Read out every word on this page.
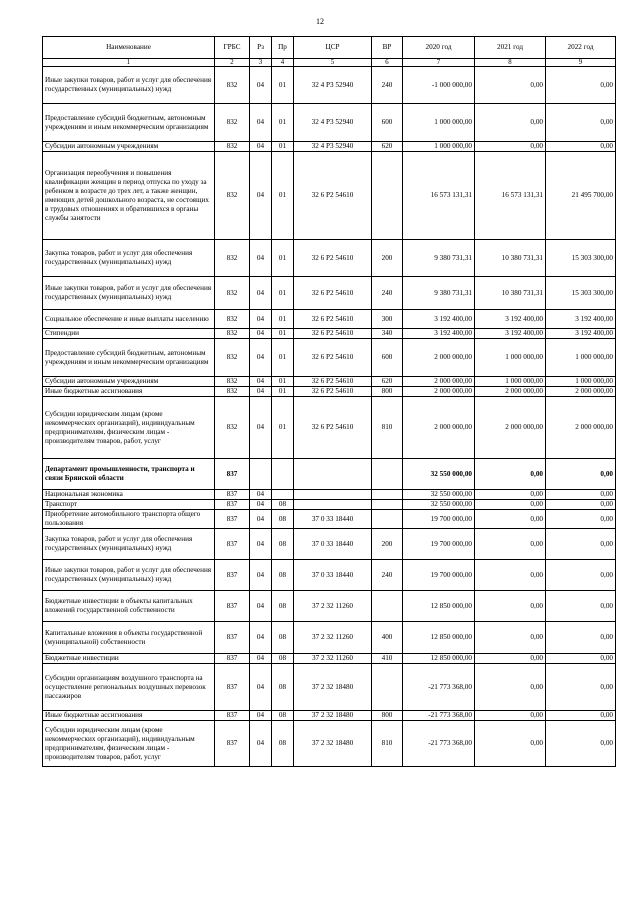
12
Наименование	ГРБС	Рз	Пр	ЦСР	ВР	2020 год	2021 год	2022 год
1	2	3	4	5	6	7	8	9
Иные закупки товаров, работ и услуг для обеспечения государственных (муниципальных) нужд	832	04	01	32 4 P3 52940	240	-1 000 000,00	0,00	0,00
Предоставление субсидий бюджетным, автономным учреждениям и иным некоммерческим организациям	832	04	01	32 4 P3 52940	600	1 000 000,00	0,00	0,00
Субсидии автономным учреждениям	832	04	01	32 4 P3 52940	620	1 000 000,00	0,00	0,00
Организация переобучения и повышения квалификации женщин в период отпуска по уходу за ребенком в возрасте до трех лет, а также женщин, имеющих детей дошкольного возраста, не состоящих в трудовых отношениях и обратившихся в органы службы занятости	832	04	01	32 6 P2 54610		16 573 131,31	16 573 131,31	21 495 700,00
Закупка товаров, работ и услуг для обеспечения государственных (муниципальных) нужд	832	04	01	32 6 P2 54610	200	9 380 731,31	10 380 731,31	15 303 300,00
Иные закупки товаров, работ и услуг для обеспечения государственных (муниципальных) нужд	832	04	01	32 6 P2 54610	240	9 380 731,31	10 380 731,31	15 303 300,00
Социальное обеспечение и иные выплаты населению	832	04	01	32 6 P2 54610	300	3 192 400,00	3 192 400,00	3 192 400,00
Стипендии	832	04	01	32 6 P2 54610	340	3 192 400,00	3 192 400,00	3 192 400,00
Предоставление субсидий бюджетным, автономным учреждениям и иным некоммерческим организациям	832	04	01	32 6 P2 54610	600	2 000 000,00	1 000 000,00	1 000 000,00
Субсидии автономным учреждениям	832	04	01	32 6 P2 54610	620	2 000 000,00	1 000 000,00	1 000 000,00
Иные бюджетные ассигнования	832	04	01	32 6 P2 54610	800	2 000 000,00	2 000 000,00	2 000 000,00
Субсидии юридическим лицам (кроме некоммерческих организаций), индивидуальным предпринимателям, физическим лицам - производителям товаров, работ, услуг	832	04	01	32 6 P2 54610	810	2 000 000,00	2 000 000,00	2 000 000,00
Департамент промышленности, транспорта и связи Брянской области	837					32 550 000,00	0,00	0,00
Национальная экономика	837	04				32 550 000,00	0,00	0,00
Транспорт	837	04	08			32 550 000,00	0,00	0,00
Приобретение автомобильного транспорта общего пользования	837	04	08	37 0 33 18440		19 700 000,00	0,00	0,00
Закупка товаров, работ и услуг для обеспечения государственных (муниципальных) нужд	837	04	08	37 0 33 18440	200	19 700 000,00	0,00	0,00
Иные закупки товаров, работ и услуг для обеспечения государственных (муниципальных) нужд	837	04	08	37 0 33 18440	240	19 700 000,00	0,00	0,00
Бюджетные инвестиции в объекты капитальных вложений государственной собственности	837	04	08	37 2 32 11260		12 850 000,00	0,00	0,00
Капитальные вложения в объекты государственной (муниципальной) собственности	837	04	08	37 2 32 11260	400	12 850 000,00	0,00	0,00
Бюджетные инвестиции	837	04	08	37 2 32 11260	410	12 850 000,00	0,00	0,00
Субсидии организациям воздушного транспорта на осуществление региональных воздушных перевозок пассажиров	837	04	08	37 2 32 18480		-21 773 368,00	0,00	0,00
Иные бюджетные ассигнования	837	04	08	37 2 32 18480	800	-21 773 368,00	0,00	0,00
Субсидии юридическим лицам (кроме некоммерческих организаций), индивидуальным предпринимателям, физическим лицам - производителям товаров, работ, услуг	837	04	08	37 2 32 18480	810	-21 773 368,00	0,00	0,00
